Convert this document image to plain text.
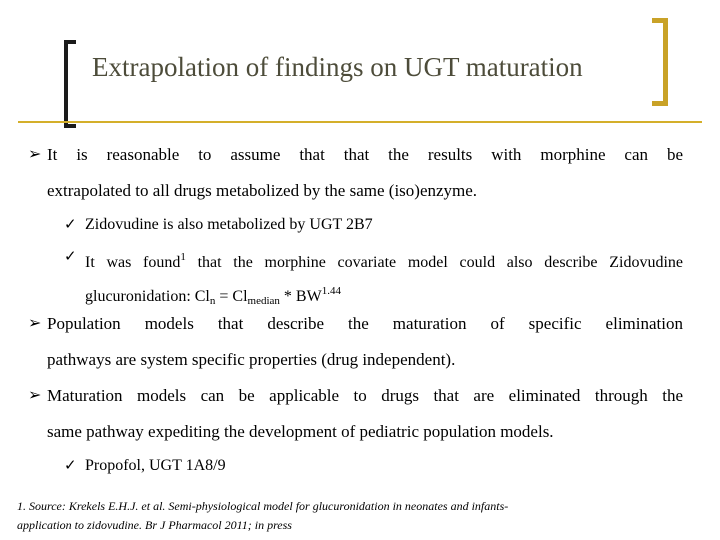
Extrapolation of findings on UGT maturation
➢ It is reasonable to assume that that the results with morphine can be
extrapolated to all drugs metabolized by the same (iso)enzyme.
✓ Zidovudine is also metabolized by UGT 2B7
✓ It was found$^1$ that the morphine covariate model could also describe Zidovudine
glucuronidation: $Cl_n = Cl_{median} * BW^{1.44}$
➢ Population models that describe the maturation of specific elimination
pathways are system specific properties (drug independent).
➢ Maturation models can be applicable to drugs that are eliminated through the
same pathway expediting the development of pediatric population models.
✓ Propofol, UGT 1A8/9
1. Source: Krekels E.H.J. et al. Semi-physiological model for glucuronidation in neonates and infants-
application to zidovudine. Br J Pharmacol 2011; in press
